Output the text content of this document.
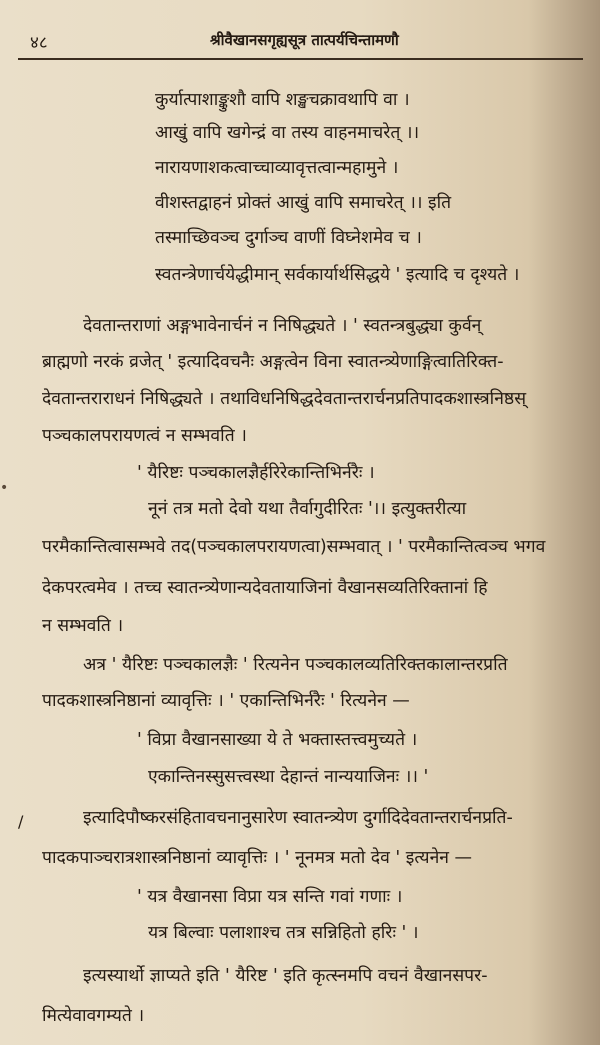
४८	श्रीवैखानसगृह्यसूत्र तात्पर्यचिन्तामणौ
•
/
कुर्यात्पाशाङ्कुशौ वापि शङ्खचक्रावथापि वा ।
आखुं वापि खगेन्द्रं वा तस्य वाहनमाचरेत् ।।
नारायणाशकत्वाच्चाव्यावृत्तत्वान्महामुने ।
वीशस्तद्वाहनं प्रोक्तं आखुं वापि समाचरेत् ।। इति
तस्माच्छिवञ्च दुर्गाञ्च वाणीं विघ्नेशमेव च ।
स्वतन्त्रेणार्चयेद्धीमान् सर्वकार्यार्थसिद्धये ' इत्यादि च दृश्यते ।
देवतान्तराणां अङ्गभावेनार्चनं न निषिद्ध्यते । ' स्वतन्त्रबुद्ध्या कुर्वन्
ब्राह्मणो नरकं व्रजेत् ' इत्यादिवचनैः अङ्गत्वेन विना स्वातन्त्र्येणाङ्गित्वातिरिक्त-
देवतान्तराराधनं निषिद्ध्यते । तथाविधनिषिद्धदेवतान्तरार्चनप्रतिपादकशास्त्रनिष्ठस्
पञ्चकालपरायणत्वं न सम्भवति ।
' यैरिष्टः पञ्चकालज्ञैर्हरिरेकान्तिभिर्नरैः ।
नूनं तत्र मतो देवो यथा तैर्वागुदीरितः '।। इत्युक्तरीत्या
परमैकान्तित्वासम्भवे तद(पञ्चकालपरायणत्वा)सम्भवात् । ' परमैकान्तित्वञ्च भगव
देकपरत्वमेव । तच्च स्वातन्त्र्येणान्यदेवतायाजिनां वैखानसव्यतिरिक्तानां हि
न सम्भवति ।
अत्र ' यैरिष्टः पञ्चकालज्ञैः ' रित्यनेन पञ्चकालव्यतिरिक्तकालान्तरप्रति
पादकशास्त्रनिष्ठानां व्यावृत्तिः । ' एकान्तिभिर्नरैः ' रित्यनेन —
' विप्रा वैखानसाख्या ये ते भक्तास्तत्त्वमुच्यते ।
एकान्तिनस्सुसत्त्वस्था देहान्तं नान्ययाजिनः ।। '
इत्यादिपौष्करसंहितावचनानुसारेण स्वातन्त्र्येण दुर्गादिदेवतान्तरार्चनप्रति-
पादकपाञ्चरात्रशास्त्रनिष्ठानां व्यावृत्तिः । ' नूनमत्र मतो देव ' इत्यनेन —
' यत्र वैखानसा विप्रा यत्र सन्ति गवां गणाः ।
यत्र बिल्वाः पलाशाश्च तत्र सन्निहितो हरिः ' ।
इत्यस्यार्थो ज्ञाप्यते इति ' यैरिष्ट ' इति कृत्स्नमपि वचनं वैखानसपर-
मित्येवावगम्यते ।
